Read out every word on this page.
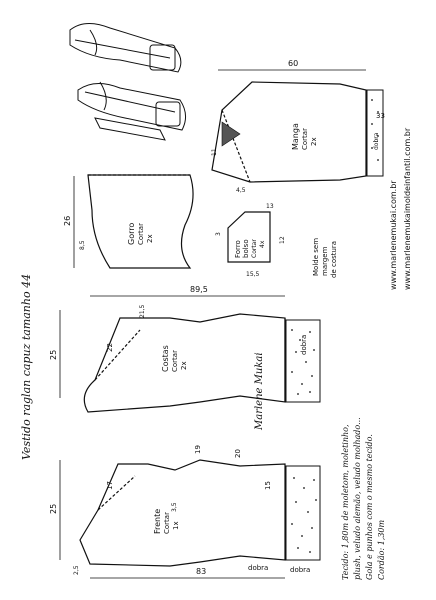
Vestido raglan capuz tamanho 44	Marlene Mukai
Costas Cortar 2x
dobra
Frente Cortar 1x
dobra	dobra
Gorro Cortar 2x
Forro bolso Cortar 4x
Manga Cortar 2x	dobra
83
89,5
60
25
25
26
17
19	20
15
22
2,5
3,5
21,5
11
33
12
15,5
13
8,5
4,5
3
Molde sem margem de costura
Tecido: 1,80m de moletom, moletinho, plush, veludo alemão, veludo molhado... Gola e punhos com o mesmo tecido. Cordão: 1,30m
www.marlenemukai.com.br www.marlenemukaimoldeinfantil.com.br
